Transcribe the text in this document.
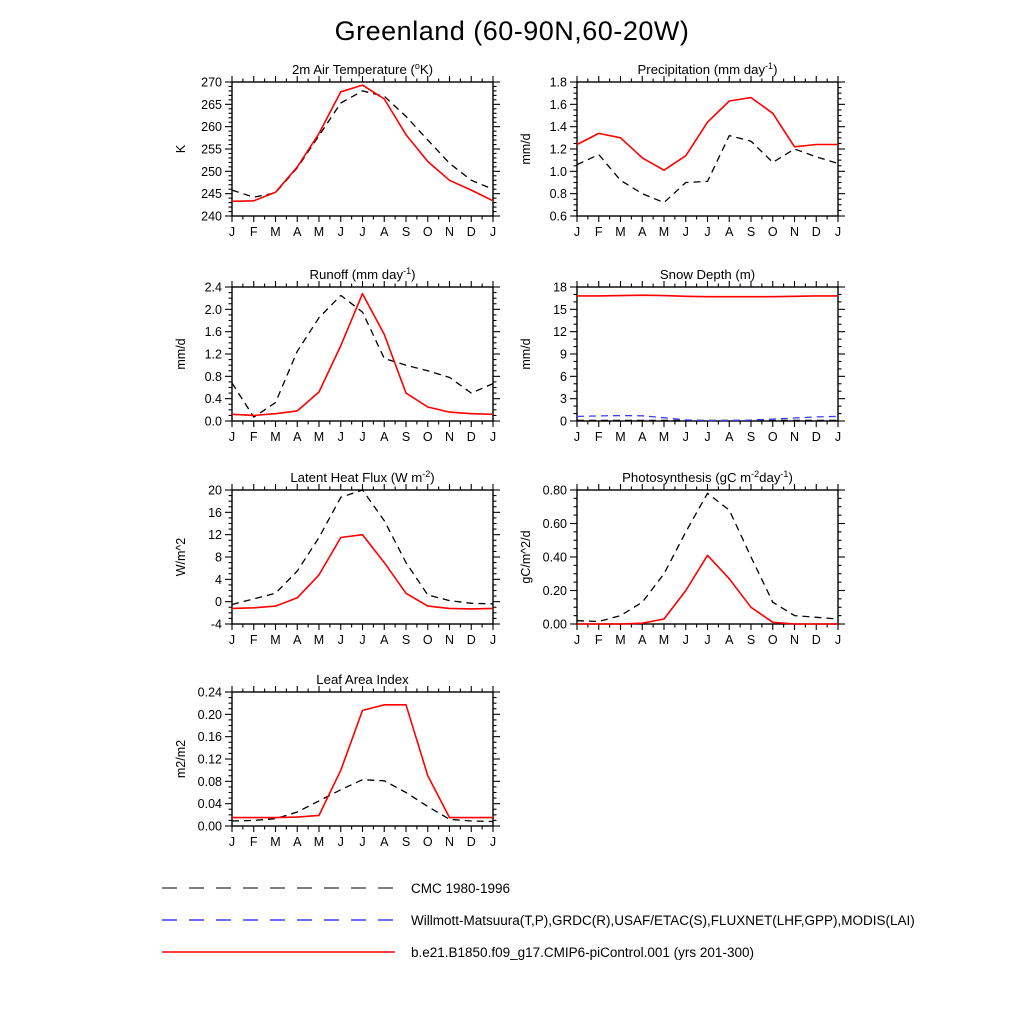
Greenland (60-90N,60-20W)
240
245
250
255
260
265
270
J F M A M J J A S O N D J
K
2m Air Temperature ($^o$K)
0.6
0.8
1.0
1.2
1.4
1.6
1.8
J F M A M J J A S O N D J
mm/d
Precipitation (mm day$^{-1}$)
0.0
0.4
0.8
1.2
1.6
2.0
2.4
J F M A M J J A S O N D J
mm/d
Runoff (mm day$^{-1}$)
0
3
6
9
12
15
18
J F M A M J J A S O N D J
mm/d
Snow Depth (m)
-4
0
4
8
12
16
20
J F M A M J J A S O N D J
W/m^2
Latent Heat Flux (W $m^{-2}$)
0.00
0.20
0.40
0.60
0.80
J F M A M J J A S O N D J
gC/m^2/d
Photosynthesis (gC $m^{-2}day^{-1}$)
0.00
0.04
0.08
0.12
0.16
0.20
0.24
J F M A M J J A S O N D J
m2/m2
Leaf Area Index
CMC 1980-1996
Willmott-Matsuura(T,P),GRDC(R),USAF/ETAC(S),FLUXNET(LHF,GPP),MODIS(LAI)
b.e21.B1850.f09_g17.CMIP6-piControl.001 (yrs 201-300)
